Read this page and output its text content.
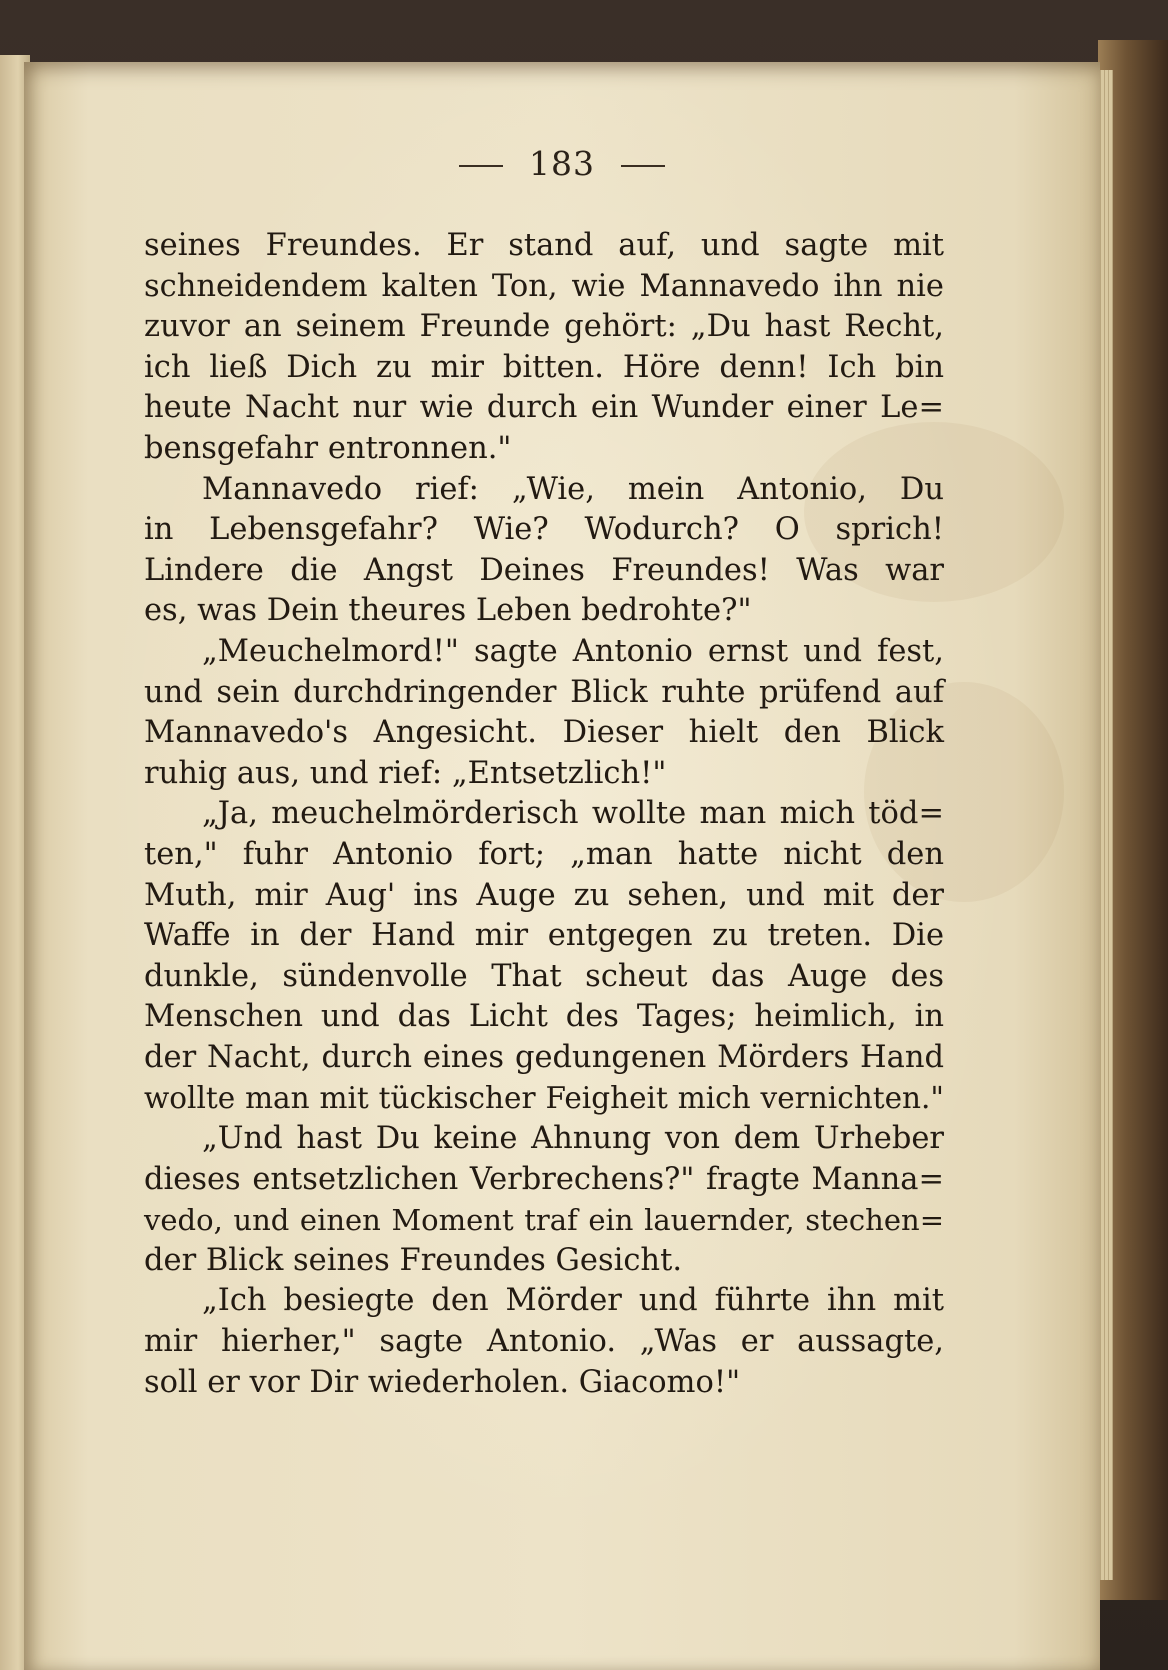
183
seines Freundes. Er stand auf, und sagte mit
schneidendem kalten Ton, wie Mannavedo ihn nie
zuvor an seinem Freunde gehört: „Du hast Recht,
ich ließ Dich zu mir bitten. Höre denn! Ich bin
heute Nacht nur wie durch ein Wunder einer Le=
bensgefahr entronnen."
Mannavedo rief: „Wie, mein Antonio, Du
in Lebensgefahr? Wie? Wodurch? O sprich!
Lindere die Angst Deines Freundes! Was war
es, was Dein theures Leben bedrohte?"
„Meuchelmord!" sagte Antonio ernst und fest,
und sein durchdringender Blick ruhte prüfend auf
Mannavedo's Angesicht. Dieser hielt den Blick
ruhig aus, und rief: „Entsetzlich!"
„Ja, meuchelmörderisch wollte man mich töd=
ten," fuhr Antonio fort; „man hatte nicht den
Muth, mir Aug' ins Auge zu sehen, und mit der
Waffe in der Hand mir entgegen zu treten. Die
dunkle, sündenvolle That scheut das Auge des
Menschen und das Licht des Tages; heimlich, in
der Nacht, durch eines gedungenen Mörders Hand
wollte man mit tückischer Feigheit mich vernichten."
„Und hast Du keine Ahnung von dem Urheber
dieses entsetzlichen Verbrechens?" fragte Manna=
vedo, und einen Moment traf ein lauernder, stechen=
der Blick seines Freundes Gesicht.
„Ich besiegte den Mörder und führte ihn mit
mir hierher," sagte Antonio. „Was er aussagte,
soll er vor Dir wiederholen. Giacomo!"
